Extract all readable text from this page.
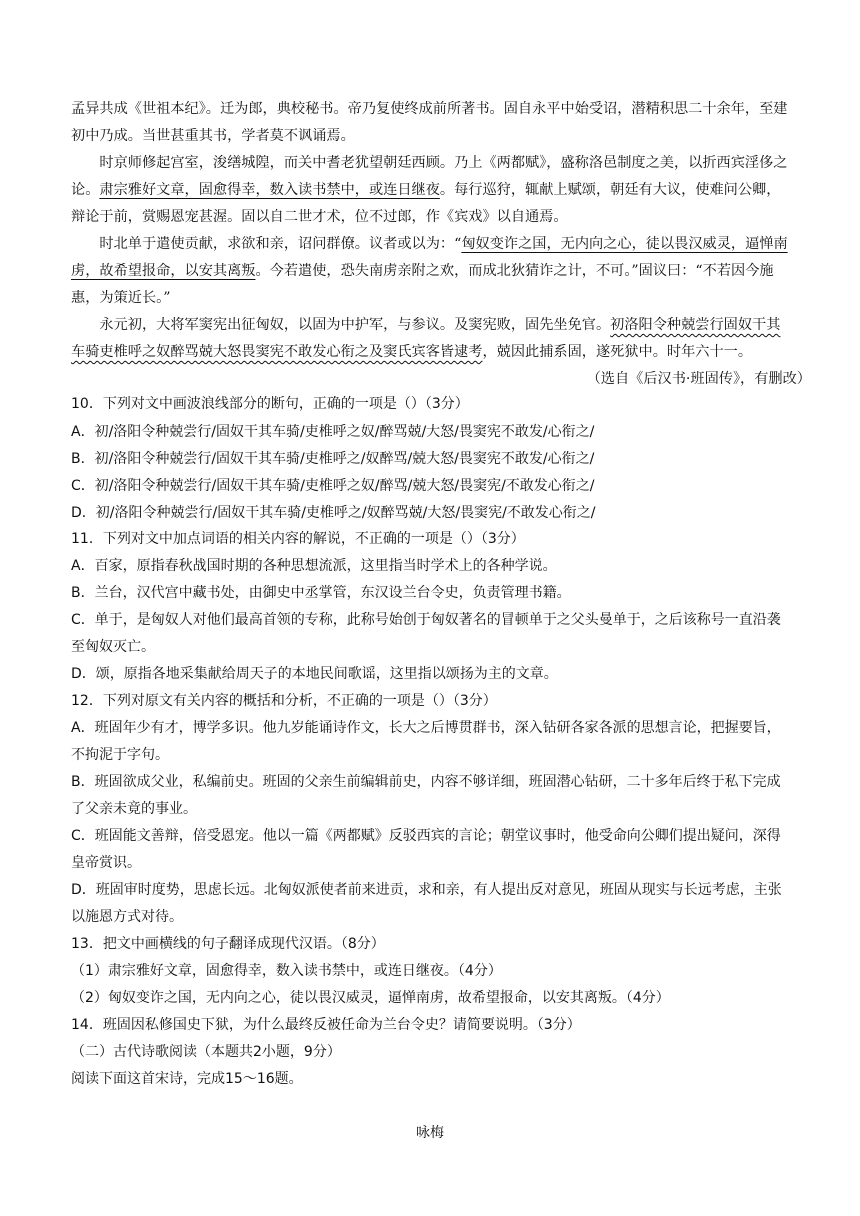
孟异共成《世祖本纪》。迁为郎，典校秘书。帝乃复使终成前所著书。固自永平中始受诏，潜精积思二十余年，至建初中乃成。当世甚重其书，学者莫不讽诵焉。

时京师修起宫室，浚缮城隍，而关中耆老犹望朝廷西顾。乃上《两都赋》，盛称洛邑制度之美，以折西宾淫侈之论。肃宗雅好文章，固愈得幸，数入读书禁中，或连日继夜。每行巡狩，辄献上赋颂，朝廷有大议，使难问公卿，辩论于前，赏赐恩宠甚渥。固以自二世才术，位不过郎，作《宾戏》以自通焉。

时北单于遣使贡献，求欲和亲，诏问群僚。议者或以为：“匈奴变诈之国，无内向之心，徒以畏汉威灵，逼惮南虏，故希望报命，以安其离叛。今若遣使，恐失南虏亲附之欢，而成北狄猜诈之计，不可。”固议曰：“不若因今施惠，为策近长。”

永元初，大将军窦宪出征匈奴，以固为中护军，与参议。及窦宪败，固先坐免官。初洛阳令种兢尝行固奴干其车骑吏椎呼之奴醉骂兢大怒畏窦宪不敢发心衔之及窦氏宾客皆逮考，兢因此捕系固，遂死狱中。时年六十一。

（选自《后汉书·班固传》，有删改）

10．下列对文中画波浪线部分的断句，正确的一项是（）（3分）

A．初/洛阳令种兢尝行/固奴干其车骑/吏椎呼之奴/醉骂兢/大怒/畏窦宪不敢发/心衔之/

B．初/洛阳令种兢尝行/固奴干其车骑/吏椎呼之/奴醉骂/兢大怒/畏窦宪不敢发/心衔之/

C．初/洛阳令种兢尝行/固奴干其车骑/吏椎呼之奴/醉骂/兢大怒/畏窦宪/不敢发心衔之/

D．初/洛阳令种兢尝行/固奴干其车骑/吏椎呼之/奴醉骂兢/大怒/畏窦宪/不敢发心衔之/

11．下列对文中加点词语的相关内容的解说，不正确的一项是（）（3分）

A．百家，原指春秋战国时期的各种思想流派，这里指当时学术上的各种学说。

B．兰台，汉代宫中藏书处，由御史中丞掌管，东汉设兰台令史，负责管理书籍。

C．单于，是匈奴人对他们最高首领的专称，此称号始创于匈奴著名的冒顿单于之父头曼单于，之后该称号一直沿袭至匈奴灭亡。

D．颂，原指各地采集献给周天子的本地民间歌谣，这里指以颂扬为主的文章。

12．下列对原文有关内容的概括和分析，不正确的一项是（）（3分）

A．班固年少有才，博学多识。他九岁能诵诗作文，长大之后博贯群书，深入钻研各家各派的思想言论，把握要旨，不拘泥于字句。

B．班固欲成父业，私编前史。班固的父亲生前编辑前史，内容不够详细，班固潜心钻研，二十多年后终于私下完成了父亲未竟的事业。

C．班固能文善辩，倍受恩宠。他以一篇《两都赋》反驳西宾的言论；朝堂议事时，他受命向公卿们提出疑问，深得皇帝赏识。

D．班固审时度势，思虑长远。北匈奴派使者前来进贡，求和亲，有人提出反对意见，班固从现实与长远考虑，主张以施恩方式对待。

13．把文中画横线的句子翻译成现代汉语。（8分）

（1）肃宗雅好文章，固愈得幸，数入读书禁中，或连日继夜。（4分）

（2）匈奴变诈之国，无内向之心，徒以畏汉威灵，逼惮南虏，故希望报命，以安其离叛。（4分）

14．班固因私修国史下狱，为什么最终反被任命为兰台令史？请简要说明。（3分）

（二）古代诗歌阅读（本题共2小题，9分）

阅读下面这首宋诗，完成15～16题。

咏梅
